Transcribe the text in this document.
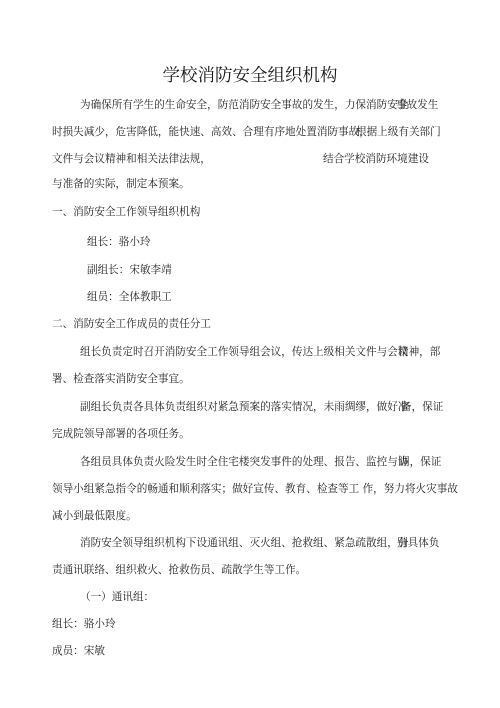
学校消防安全组织机构
为确保所有学生的生命安全，防范消防安全事故的发生，力保消防安全
事故发生
时损失减少，危害降低，能快速、高效、合理有序地处置消防事故，
根据上级有关部门
文件与会议精神和相关法律法规，	结合学校消防环境建设
与准备的实际，制定本预案。
一、消防安全工作领导组织机构
组长：骆小玲
副组长：宋敏李靖
组员：全体教职工
二、消防安全工作成员的责任分工
组长负责定时召开消防安全工作领导组会议，传达上级相关文件与会议
精神，部
署、检查落实消防安全事宜。
副组长负责各具体负责组织对紧急预案的落实情况，未雨绸缪，做好准
备，保证
完成院领导部署的各项任务。
各组员具体负责火险发生时全住宅楼突发事件的处理、报告、监控与协
调，保证
领导小组紧急指令的畅通和顺利落实；做好宣传、教育、检查等工 作，努力将火灾事故
减小到最低限度。
消防安全领导组织机构下设通讯组、灭火组、抢救组、紧急疏散组，分
别具体负
责通讯联络、组织救火、抢救伤员、疏散学生等工作。
（一）通讯组：
组长：骆小玲
成员：宋敏
